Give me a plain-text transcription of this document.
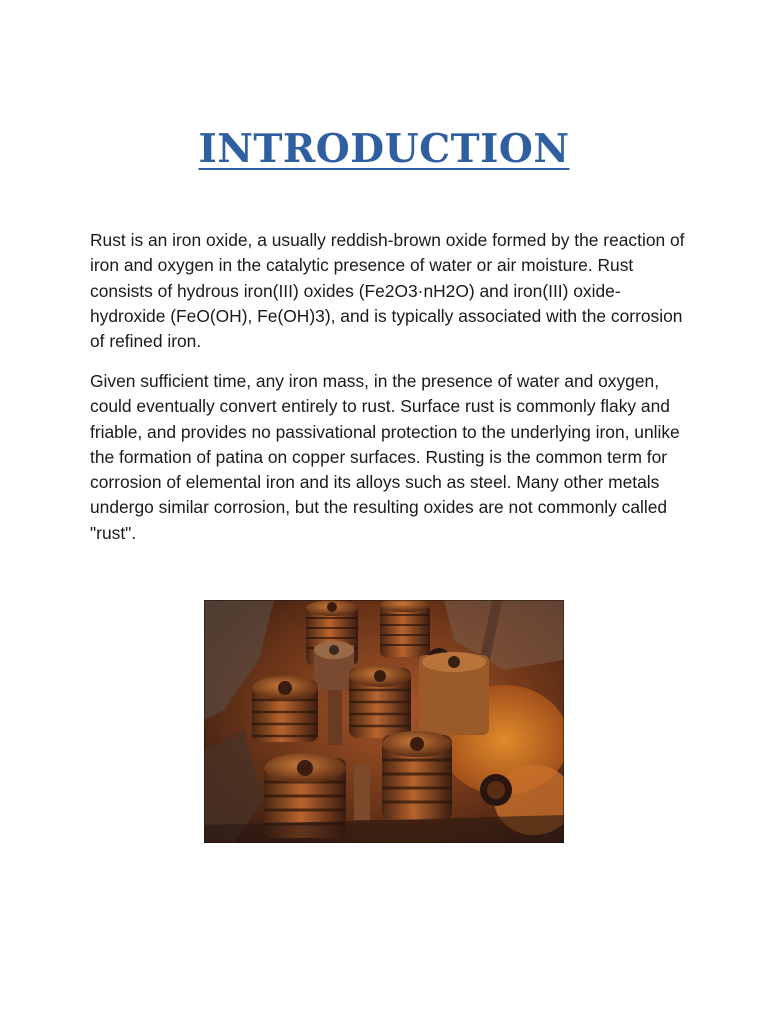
INTRODUCTION

Rust is an iron oxide, a usually reddish-brown oxide formed by the reaction of iron and oxygen in the catalytic presence of water or air moisture. Rust consists of hydrous iron(III) oxides (Fe2O3·nH2O) and iron(III) oxide-hydroxide (FeO(OH), Fe(OH)3), and is typically associated with the corrosion of refined iron.

Given sufficient time, any iron mass, in the presence of water and oxygen, could eventually convert entirely to rust. Surface rust is commonly flaky and friable, and provides no passivational protection to the underlying iron, unlike the formation of patina on copper surfaces. Rusting is the common term for corrosion of elemental iron and its alloys such as steel. Many other metals undergo similar corrosion, but the resulting oxides are not commonly called "rust".
